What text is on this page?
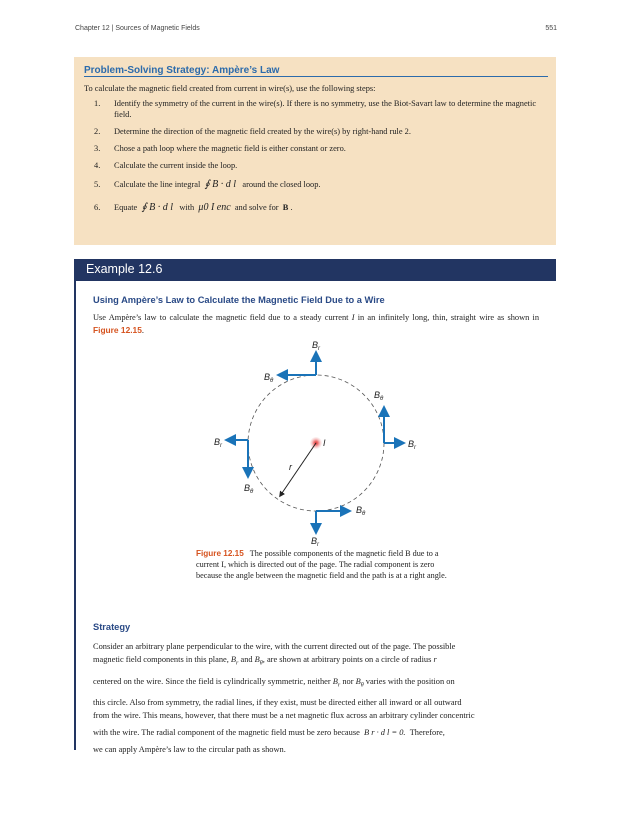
Chapter 12 | Sources of Magnetic Fields	551
Problem-Solving Strategy: Ampère’s Law
To calculate the magnetic field created from current in wire(s), use the following steps:
1. Identify the symmetry of the current in the wire(s). If there is no symmetry, use the Biot-Savart law to determine the magnetic field.
2. Determine the direction of the magnetic field created by the wire(s) by right-hand rule 2.
3. Chose a path loop where the magnetic field is either constant or zero.
4. Calculate the current inside the loop.
5. Calculate the line integral ∮ B · d l around the closed loop.
6. Equate ∮ B · d l with μ0 I enc and solve for B .
Example 12.6
Using Ampère’s Law to Calculate the Magnetic Field Due to a Wire
Use Ampère’s law to calculate the magnetic field due to a steady current I in an infinitely long, thin, straight wire as shown in Figure 12.15.
r
I
$B_r$
$B_\theta$
$B_\theta$
$B_r$
$B_r$
$B_\theta$
$B_r$
$B_\theta$
Figure 12.15 The possible components of the magnetic field B due to a current I, which is directed out of the page. The radial component is zero because the angle between the magnetic field and the path is at a right angle.
Strategy
Consider an arbitrary plane perpendicular to the wire, with the current directed out of the page. The possible
magnetic field components in this plane, $B_r$ and $B_\theta$, are shown at arbitrary points on a circle of radius r
centered on the wire. Since the field is cylindrically symmetric, neither $B_r$ nor $B_\theta$ varies with the position on
this circle. Also from symmetry, the radial lines, if they exist, must be directed either all inward or all outward
from the wire. This means, however, that there must be a net magnetic flux across an arbitrary cylinder concentric
with the wire. The radial component of the magnetic field must be zero because B r · d l = 0. Therefore,
we can apply Ampère’s law to the circular path as shown.
